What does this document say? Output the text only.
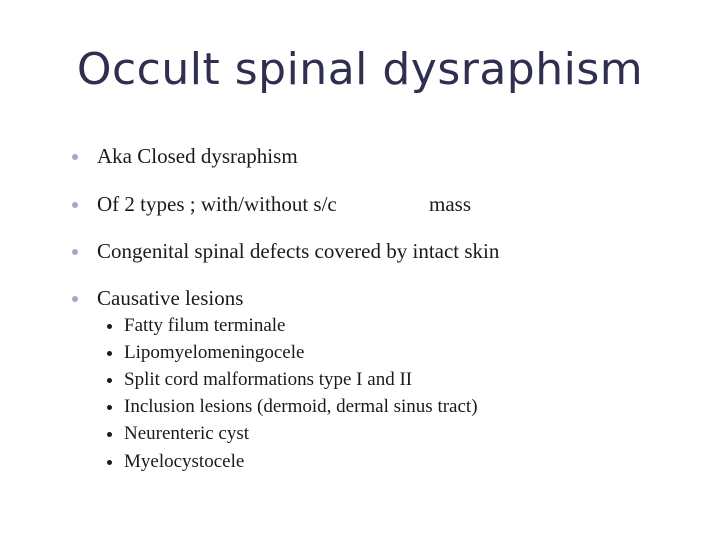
Occult spinal dysraphism
Aka Closed dysraphism
Of 2 types ; with/without s/c	mass
Congenital spinal defects covered by intact skin
Causative lesions
Fatty filum terminale
Lipomyelomeningocele
Split cord malformations type I and II
Inclusion lesions (dermoid, dermal sinus tract)
Neurenteric cyst
Myelocystocele
